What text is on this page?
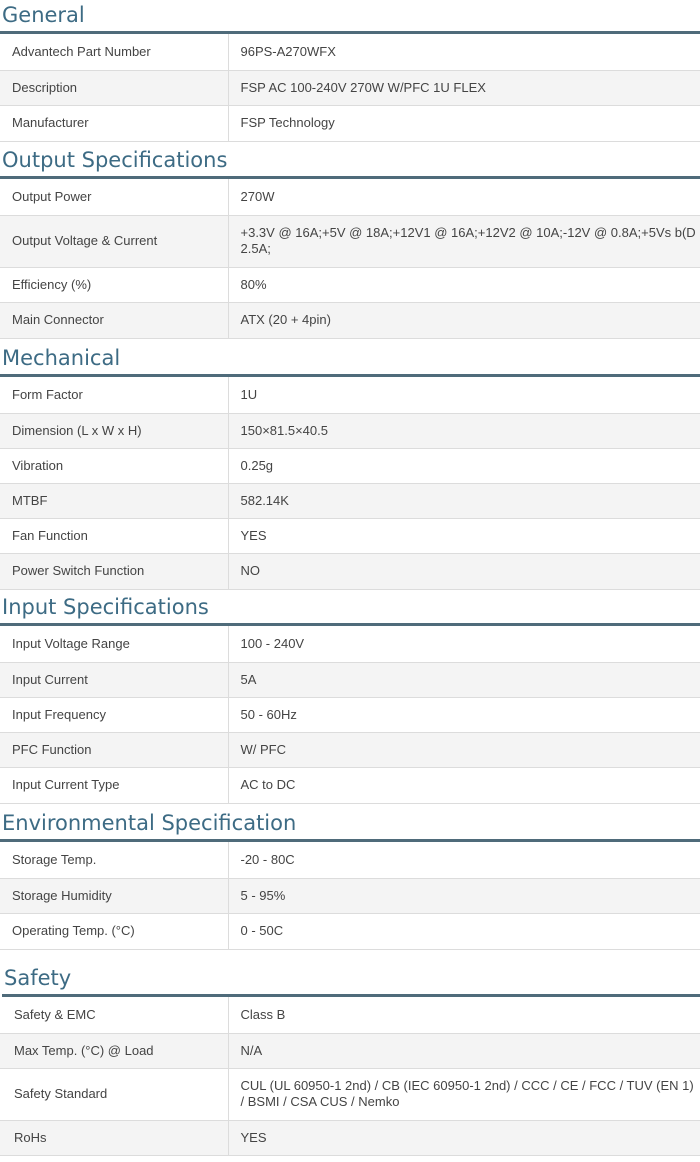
General
Advantech Part Number	96PS-A270WFX
Description	FSP AC 100-240V 270W W/PFC 1U FLEX
Manufacturer	FSP Technology
Output Specifications
Output Power	270W
Output Voltage & Current	+3.3V @ 16A;+5V @ 18A;+12V1 @ 16A;+12V2 @ 10A;-12V @ 0.8A;+5Vs b(D 2.5A;
Efficiency (%)	80%
Main Connector	ATX (20 + 4pin)
Mechanical
Form Factor	1U
Dimension (L x W x H)	150×81.5×40.5
Vibration	0.25g
MTBF	582.14K
Fan Function	YES
Power Switch Function	NO
Input Specifications
Input Voltage Range	100 - 240V
Input Current	5A
Input Frequency	50 - 60Hz
PFC Function	W/ PFC
Input Current Type	AC to DC
Environmental Specification
Storage Temp.	-20 - 80C
Storage Humidity	5 - 95%
Operating Temp. (°C)	0 - 50C
Safety
Safety & EMC	Class B
Max Temp. (°C) @ Load	N/A
Safety Standard	CUL (UL 60950-1 2nd) / CB (IEC 60950-1 2nd) / CCC / CE / FCC / TUV (EN 1) / BSMI / CSA CUS / Nemko
RoHs	YES
